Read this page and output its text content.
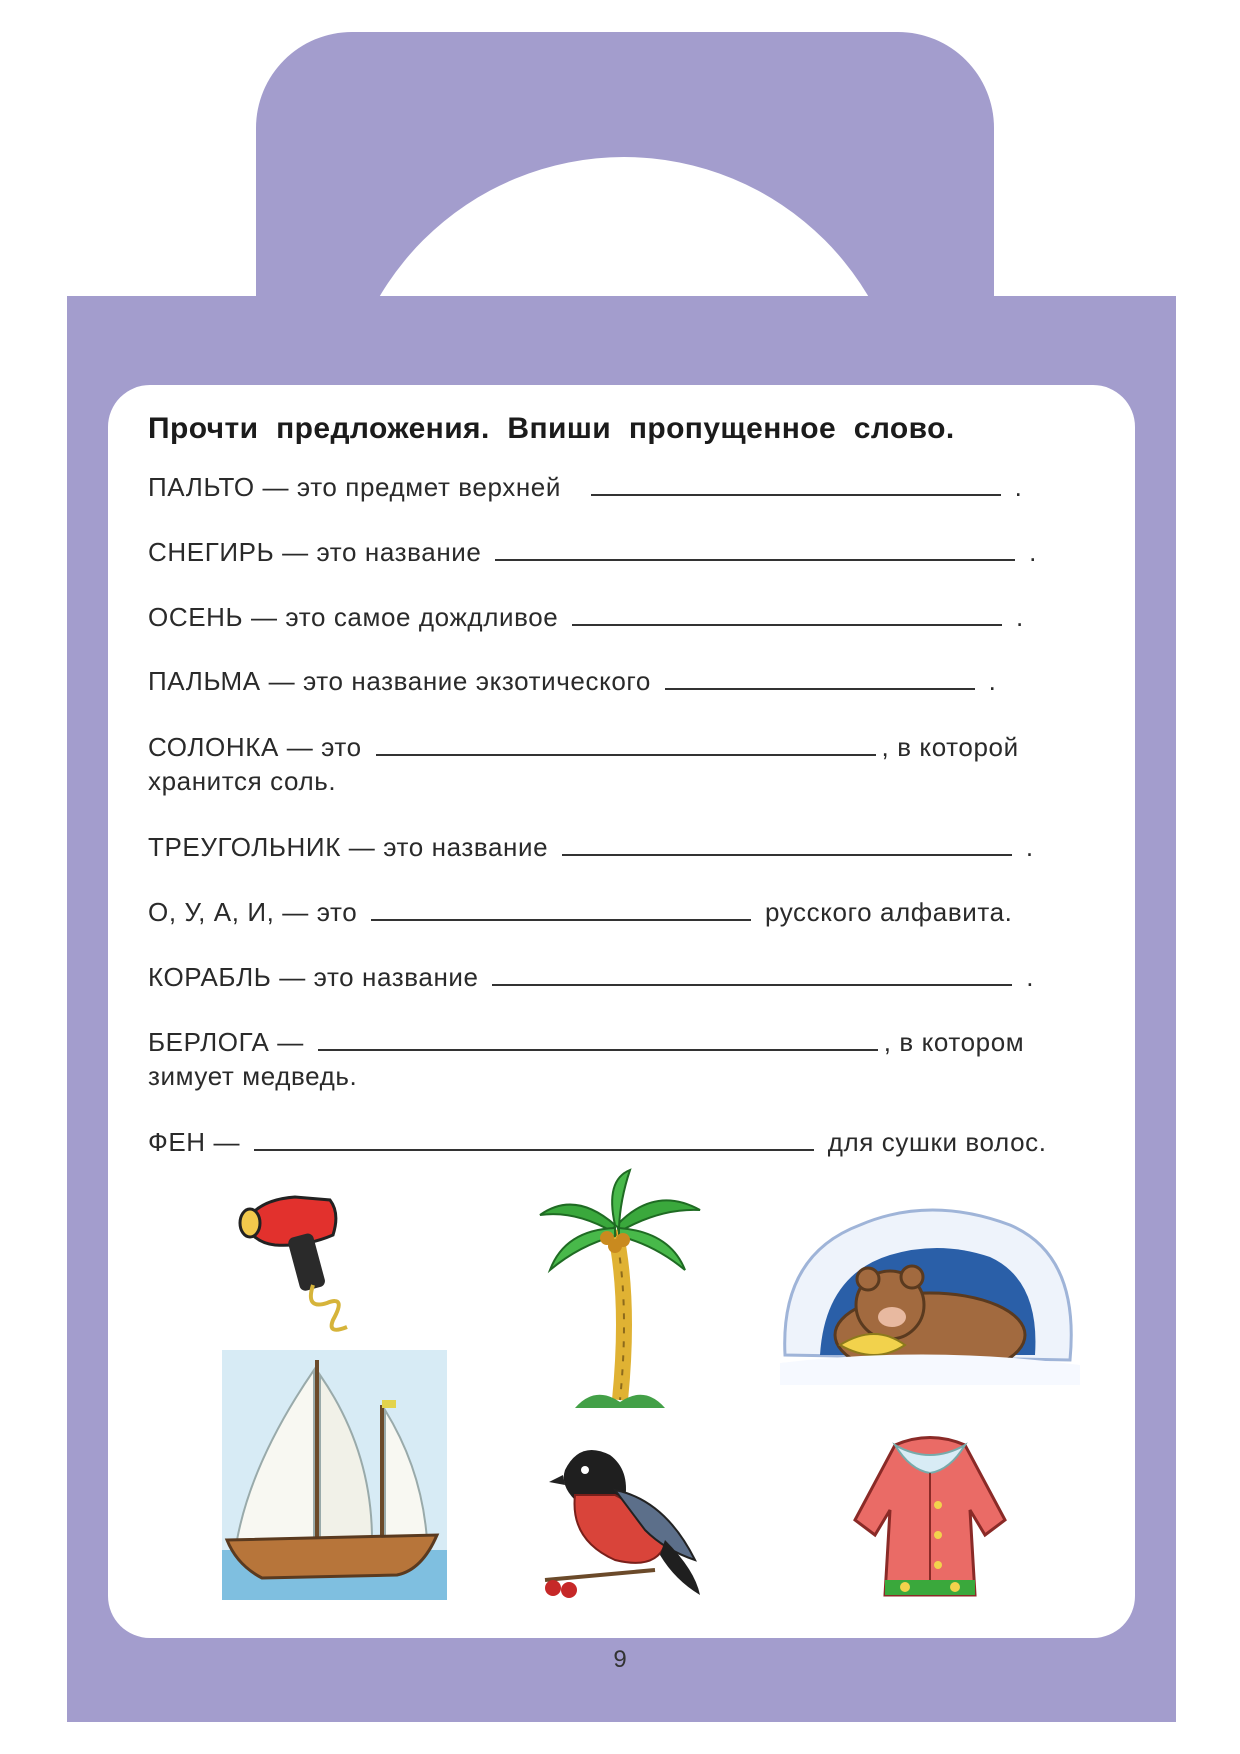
Прочти предложения. Впиши пропущенное слово.
ПАЛЬТО — это предмет верхней	.
СНЕГИРЬ — это название	.
ОСЕНЬ — это самое дождливое	.
ПАЛЬМА — это название экзотического	.
СОЛОНКА — это	, в которой
хранится соль.
ТРЕУГОЛЬНИК — это название	.
О, У, А, И, — это	русского алфавита.
КОРАБЛЬ — это название	.
БЕРЛОГА —	, в котором
зимует медведь.
ФЕН —	для сушки волос.
9
